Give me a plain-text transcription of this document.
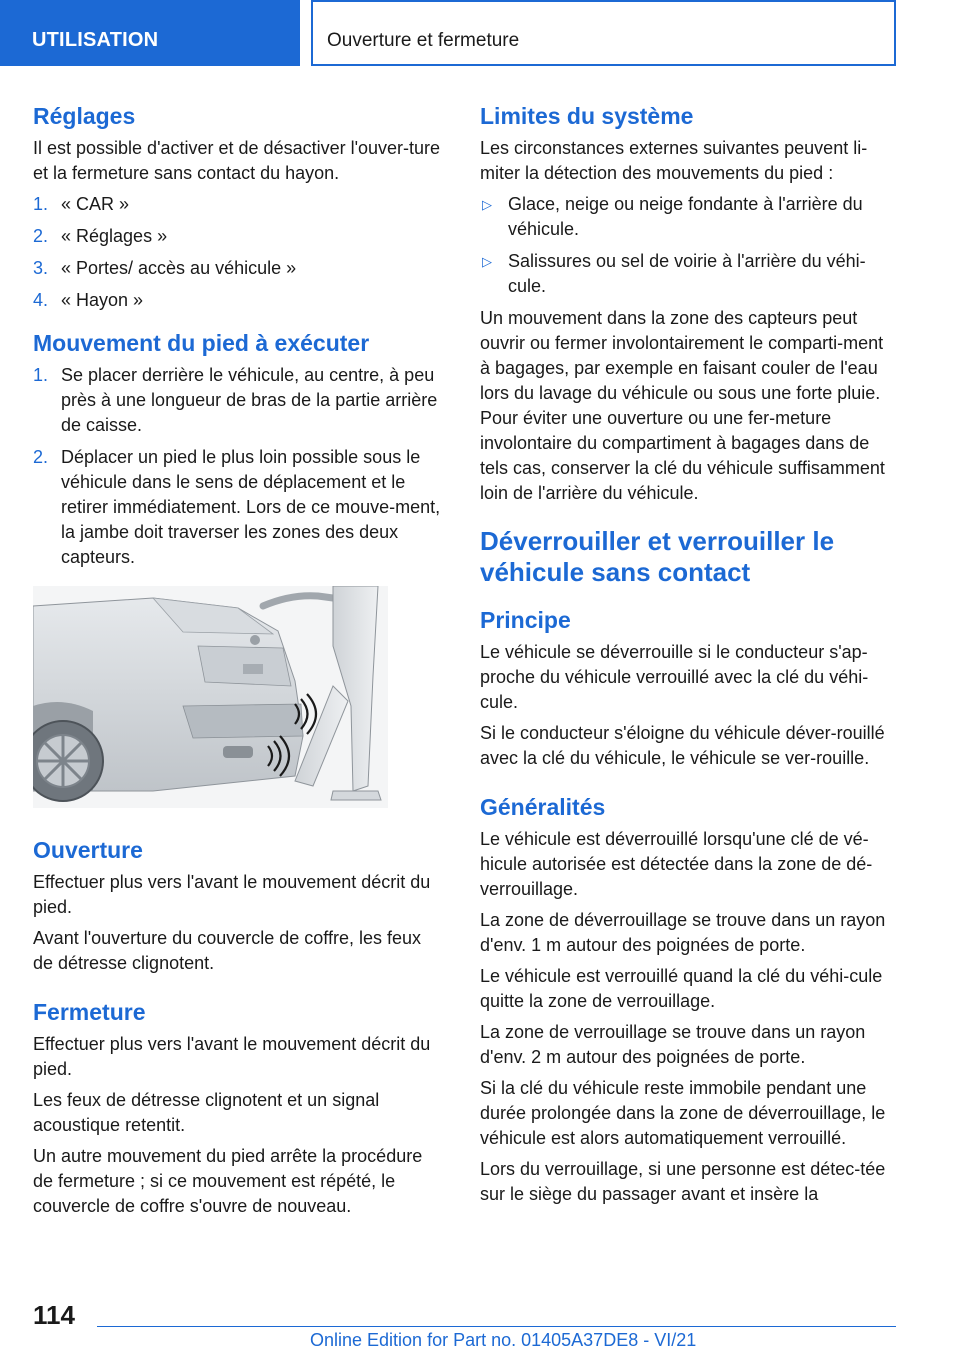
UTILISATION	Ouverture et fermeture
Réglages

Il est possible d'activer et de désactiver l'ouver-ture et la fermeture sans contact du hayon.

1. « CAR »
2. « Réglages »
3. « Portes/ accès au véhicule »
4. « Hayon »
Mouvement du pied à exécuter
1. Se placer derrière le véhicule, au centre, à peu près à une longueur de bras de la partie arrière de caisse.
2. Déplacer un pied le plus loin possible sous le véhicule dans le sens de déplacement et le retirer immédiatement. Lors de ce mouve-ment, la jambe doit traverser les zones des deux capteurs.
Ouverture

Effectuer plus vers l'avant le mouvement décrit du pied.

Avant l'ouverture du couvercle de coffre, les feux de détresse clignotent.

Fermeture

Effectuer plus vers l'avant le mouvement décrit du pied.

Les feux de détresse clignotent et un signal acoustique retentit.

Un autre mouvement du pied arrête la procédure de fermeture ; si ce mouvement est répété, le couvercle de coffre s'ouvre de nouveau.

Limites du système

Les circonstances externes suivantes peuvent li-miter la détection des mouvements du pied :

▷ Glace, neige ou neige fondante à l'arrière du véhicule.
▷ Salissures ou sel de voirie à l'arrière du véhi-cule.

Un mouvement dans la zone des capteurs peut ouvrir ou fermer involontairement le comparti-ment à bagages, par exemple en faisant couler de l'eau lors du lavage du véhicule ou sous une forte pluie. Pour éviter une ouverture ou une fer-meture involontaire du compartiment à bagages dans de tels cas, conserver la clé du véhicule suffisamment loin de l'arrière du véhicule.

Déverrouiller et verrouiller le véhicule sans contact
Principe

Le véhicule se déverrouille si le conducteur s'ap-proche du véhicule verrouillé avec la clé du véhi-cule.

Si le conducteur s'éloigne du véhicule déver-rouillé avec la clé du véhicule, le véhicule se ver-rouille.

Généralités

Le véhicule est déverrouillé lorsqu'une clé de vé-hicule autorisée est détectée dans la zone de dé-verrouillage.

La zone de déverrouillage se trouve dans un rayon d'env. 1 m autour des poignées de porte.

Le véhicule est verrouillé quand la clé du véhi-cule quitte la zone de verrouillage.

La zone de verrouillage se trouve dans un rayon d'env. 2 m autour des poignées de porte.

Si la clé du véhicule reste immobile pendant une durée prolongée dans la zone de déverrouillage, le véhicule est alors automatiquement verrouillé.

Lors du verrouillage, si une personne est détec-tée sur le siège du passager avant et insère la

114
Online Edition for Part no. 01405A37DE8 - VI/21
